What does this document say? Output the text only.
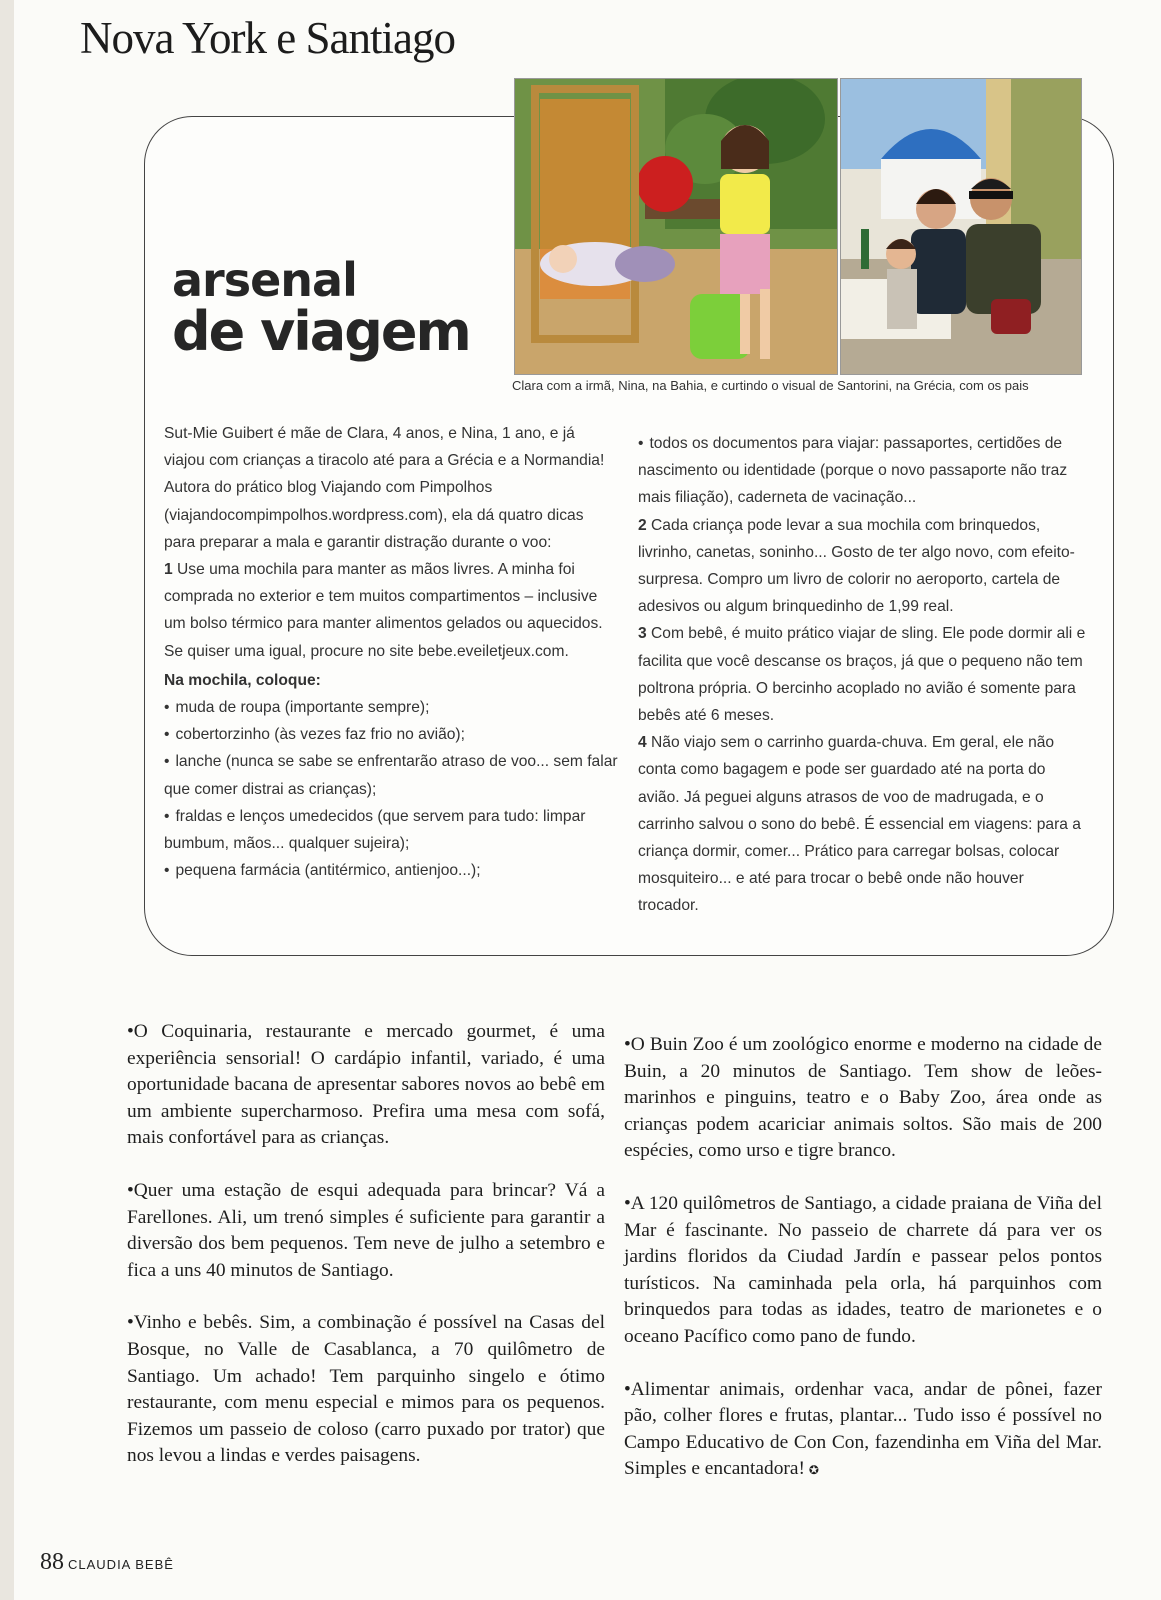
Nova York e Santiago

Clara com a irmã, Nina, na Bahia, e curtindo o visual de Santorini, na Grécia, com os pais

arsenal
de viagem

Sut-Mie Guibert é mãe de Clara, 4 anos, e Nina, 1 ano, e já viajou com crianças a tiracolo até para a Grécia e a Normandia! Autora do prático blog Viajando com Pimpolhos (viajandocompimpolhos.wordpress.com), ela dá quatro dicas para preparar a mala e garantir distração durante o voo:

1 Use uma mochila para manter as mãos livres. A minha foi comprada no exterior e tem muitos compartimentos – inclusive um bolso térmico para manter alimentos gelados ou aquecidos. Se quiser uma igual, procure no site bebe.eveiletjeux.com.

Na mochila, coloque:

• muda de roupa (importante sempre);
• cobertorzinho (às vezes faz frio no avião);
• lanche (nunca se sabe se enfrentarão atraso de voo... sem falar que comer distrai as crianças);
• fraldas e lenços umedecidos (que servem para tudo: limpar bumbum, mãos... qualquer sujeira);
• pequena farmácia (antitérmico, antienjoo...);

• todos os documentos para viajar: passaportes, certidões de nascimento ou identidade (porque o novo passaporte não traz mais filiação), caderneta de vacinação...

2 Cada criança pode levar a sua mochila com brinquedos, livrinho, canetas, soninho... Gosto de ter algo novo, com efeito-surpresa. Compro um livro de colorir no aeroporto, cartela de adesivos ou algum brinquedinho de 1,99 real.

3 Com bebê, é muito prático viajar de sling. Ele pode dormir ali e facilita que você descanse os braços, já que o pequeno não tem poltrona própria. O bercinho acoplado no avião é somente para bebês até 6 meses.

4 Não viajo sem o carrinho guarda-chuva. Em geral, ele não conta como bagagem e pode ser guardado até na porta do avião. Já peguei alguns atrasos de voo de madrugada, e o carrinho salvou o sono do bebê. É essencial em viagens: para a criança dormir, comer... Prático para carregar bolsas, colocar mosquiteiro... e até para trocar o bebê onde não houver trocador.

• O Coquinaria, restaurante e mercado gourmet, é uma experiência sensorial! O cardápio infantil, variado, é uma oportunidade bacana de apresentar sabores novos ao bebê em um ambiente supercharmoso. Prefira uma mesa com sofá, mais confortável para as crianças.

• Quer uma estação de esqui adequada para brincar? Vá a Farellones. Ali, um trenó simples é suficiente para garantir a diversão dos bem pequenos. Tem neve de julho a setembro e fica a uns 40 minutos de Santiago.

• Vinho e bebês. Sim, a combinação é possível na Casas del Bosque, no Valle de Casablanca, a 70 quilômetro de Santiago. Um achado! Tem parquinho singelo e ótimo restaurante, com menu especial e mimos para os pequenos. Fizemos um passeio de coloso (carro puxado por trator) que nos levou a lindas e verdes paisagens.

• O Buin Zoo é um zoológico enorme e moderno na cidade de Buin, a 20 minutos de Santiago. Tem show de leões-marinhos e pinguins, teatro e o Baby Zoo, área onde as crianças podem acariciar animais soltos. São mais de 200 espécies, como urso e tigre branco.

• A 120 quilômetros de Santiago, a cidade praiana de Viña del Mar é fascinante. No passeio de charrete dá para ver os jardins floridos da Ciudad Jardín e passear pelos pontos turísticos. Na caminhada pela orla, há parquinhos com brinquedos para todas as idades, teatro de marionetes e o oceano Pacífico como pano de fundo.

• Alimentar animais, ordenhar vaca, andar de pônei, fazer pão, colher flores e frutas, plantar... Tudo isso é possível no Campo Educativo de Con Con, fazendinha em Viña del Mar. Simples e encantadora! ✪

88 CLAUDIA BEBÊ
